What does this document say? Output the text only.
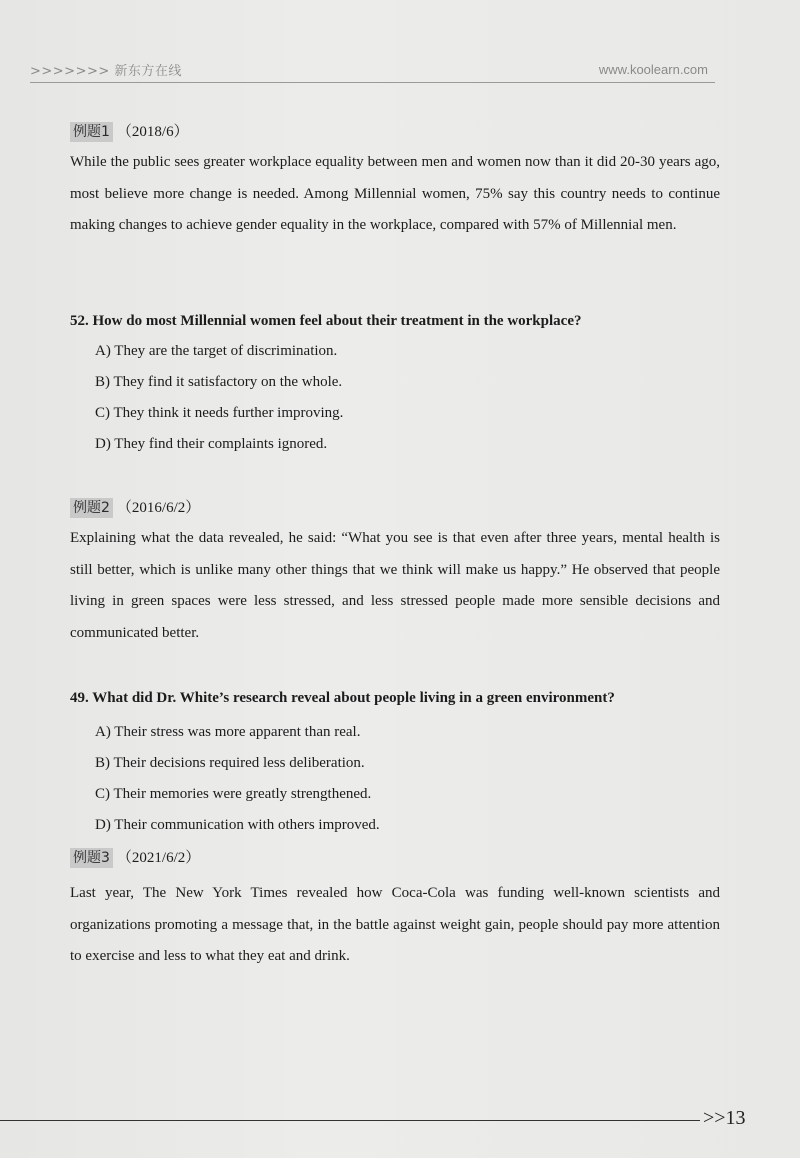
>>>>>>> 新东方在线	www.koolearn.com
例题1 （2018/6）

While the public sees greater workplace equality between men and women now than it did 20-30 years ago, most believe more change is needed. Among Millennial women, 75% say this country needs to continue making changes to achieve gender equality in the workplace, compared with 57% of Millennial men.

52. How do most Millennial women feel about their treatment in the workplace?

A) They are the target of discrimination.
B) They find it satisfactory on the whole.
C) They think it needs further improving.
D) They find their complaints ignored.
例题2 （2016/6/2）

Explaining what the data revealed, he said: “What you see is that even after three years, mental health is still better, which is unlike many other things that we think will make us happy.” He observed that people living in green spaces were less stressed, and less stressed people made more sensible decisions and communicated better.

49. What did Dr. White’s research reveal about people living in a green environment?

A) Their stress was more apparent than real.
B) Their decisions required less deliberation.
C) Their memories were greatly strengthened.
D) Their communication with others improved.
例题3 （2021/6/2）

Last year, The New York Times revealed how Coca-Cola was funding well-known scientists and organizations promoting a message that, in the battle against weight gain, people should pay more attention to exercise and less to what they eat and drink.

>>13
